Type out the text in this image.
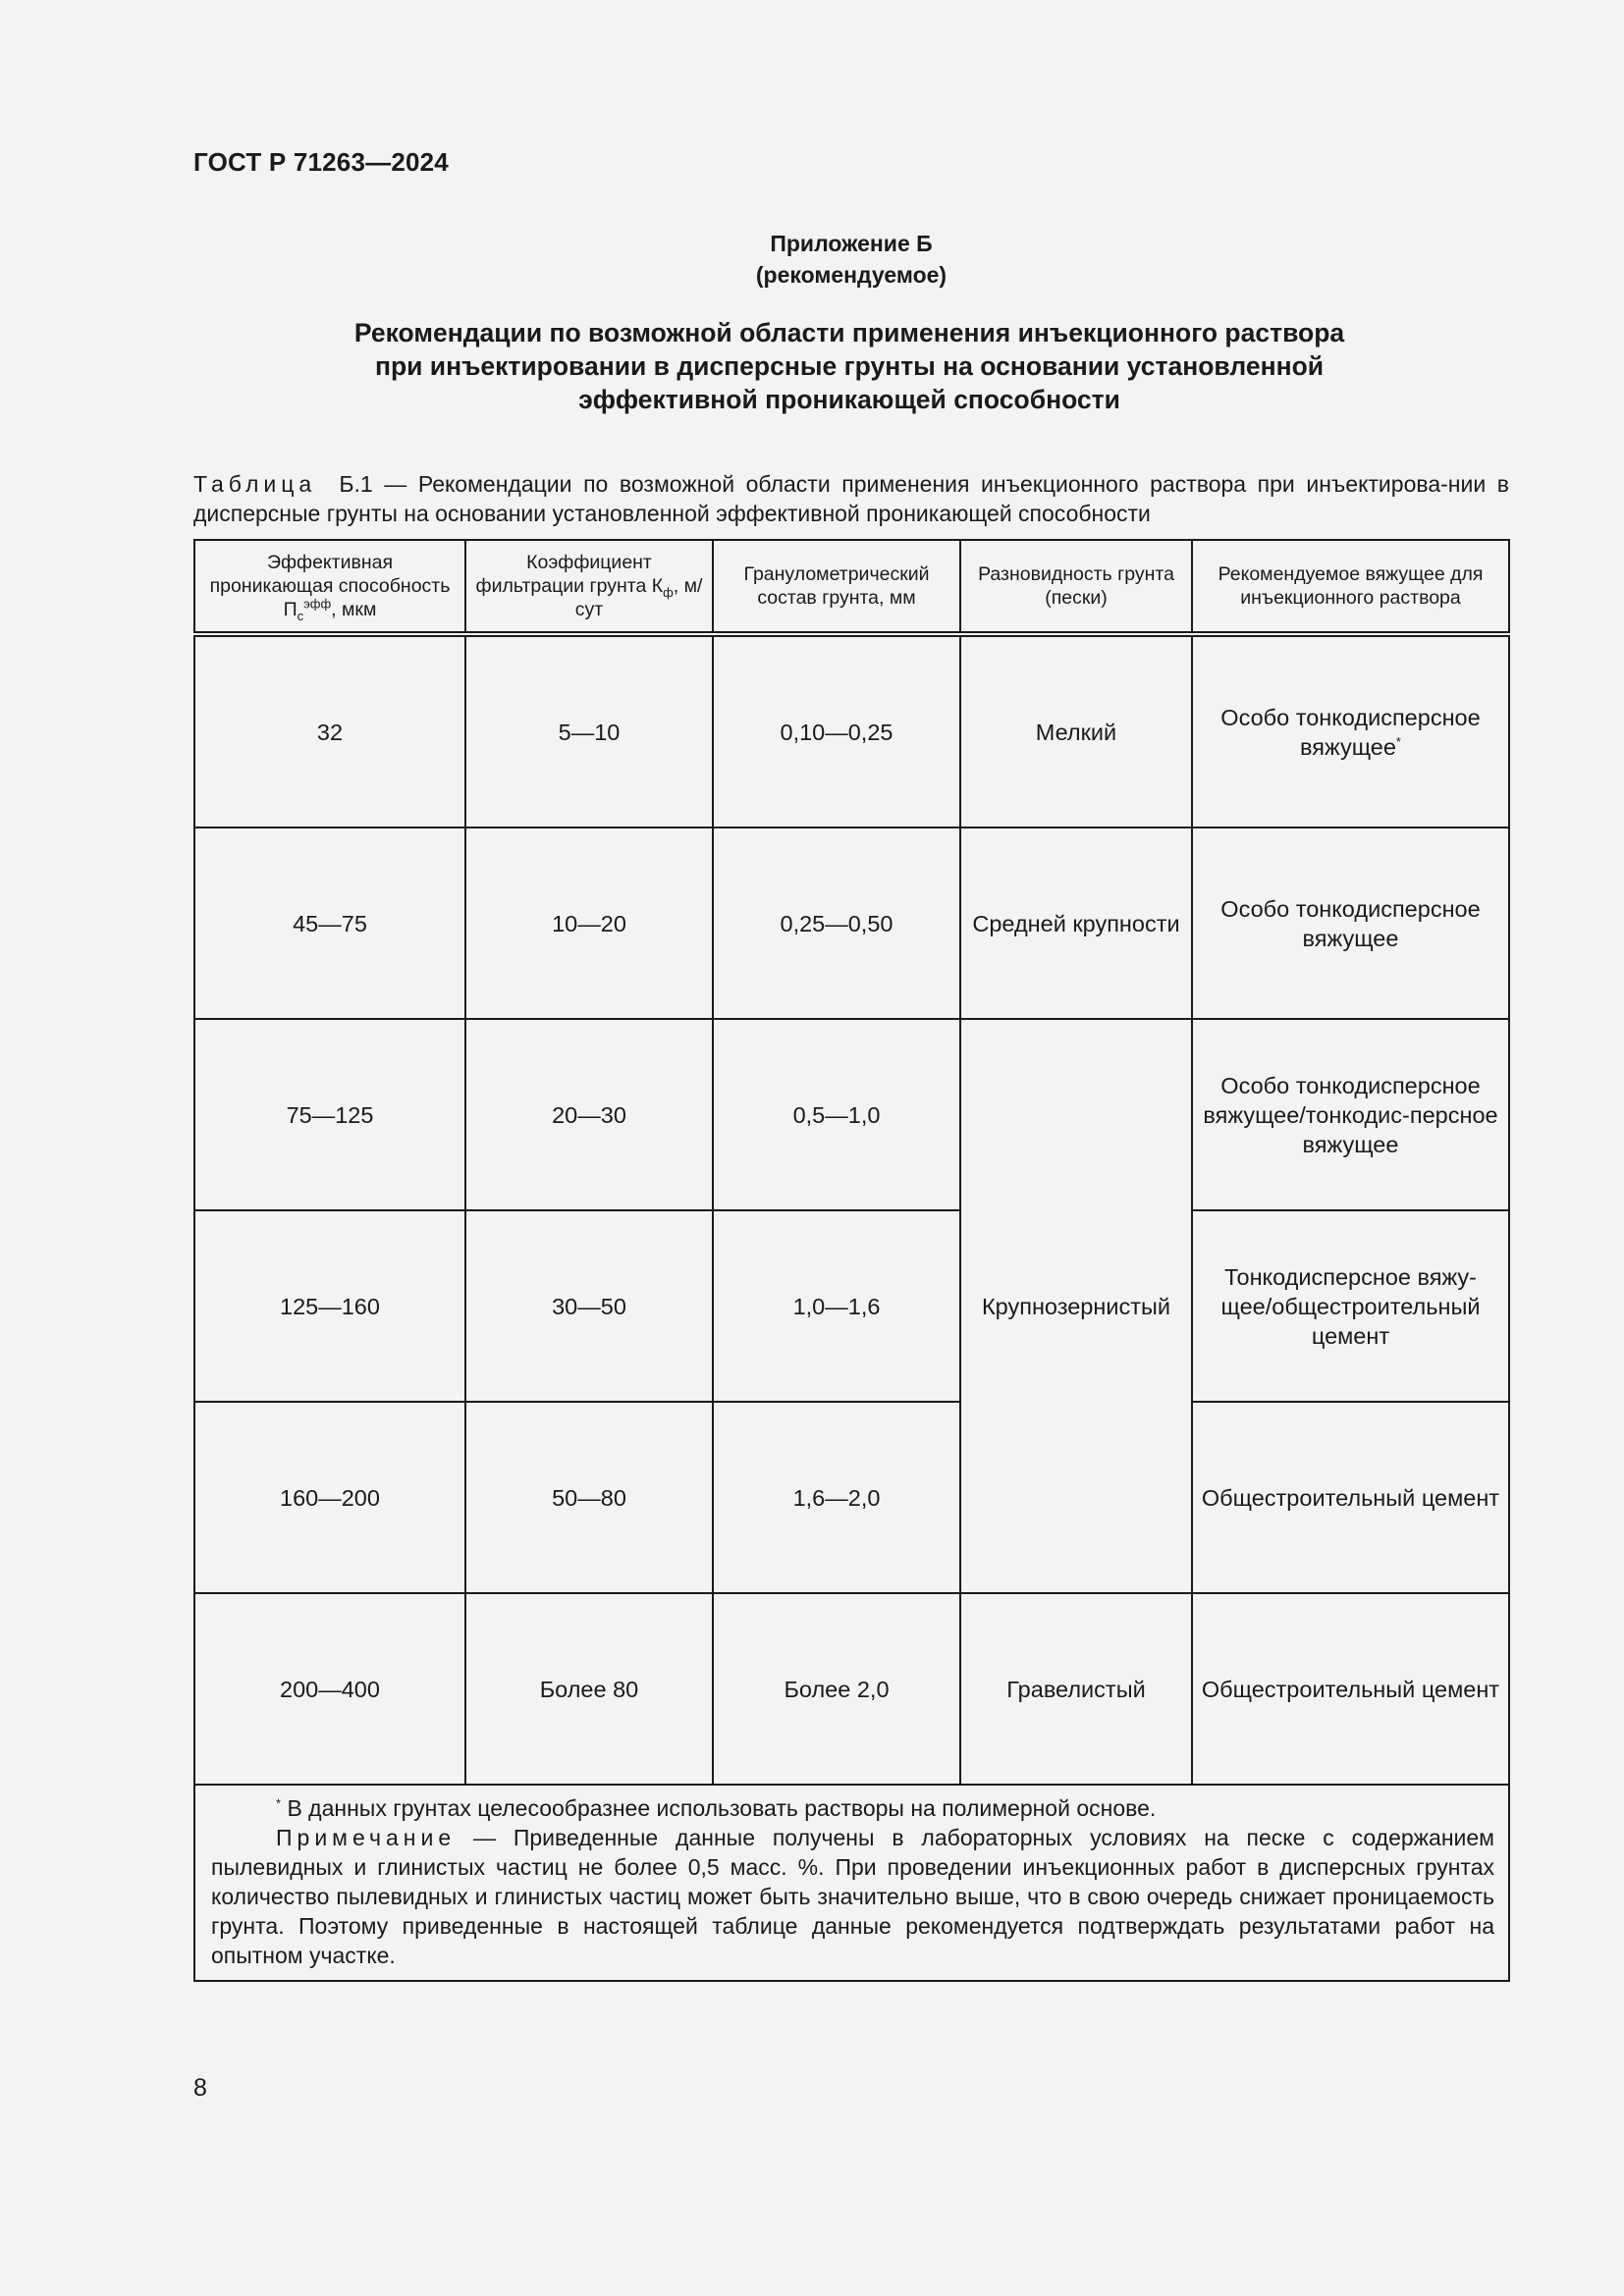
ГОСТ Р 71263—2024
Приложение Б
(рекомендуемое)
Рекомендации по возможной области применения инъекционного раствора
при инъектировании в дисперсные грунты на основании установленной
эффективной проникающей способности
Таблица Б.1 — Рекомендации по возможной области применения инъекционного раствора при инъектирова-нии в дисперсные грунты на основании установленной эффективной проникающей способности
Эффективная проникающая способность $П_с^{эфф}$, мкм	Коэффициент фильтрации грунта $К_ф$, м/сут	Гранулометрический состав грунта, мм	Разновидность грунта (пески)	Рекомендуемое вяжущее для инъекционного раствора
32	5—10	0,10—0,25	Мелкий	Особо тонкодисперсное вяжущее*
45—75	10—20	0,25—0,50	Средней крупности	Особо тонкодисперсное вяжущее
75—125	20—30	0,5—1,0	Крупнозернистый	Особо тонкодисперсное вяжущее/тонкодис-персное вяжущее
125—160	30—50	1,0—1,6		Тонкодисперсное вяжу-щее/общестроительный цемент
160—200	50—80	1,6—2,0		Общестроительный цемент
200—400	Более 80	Более 2,0	Гравелистый	Общестроительный цемент

* В данных грунтах целесообразнее использовать растворы на полимерной основе.

Примечание — Приведенные данные получены в лабораторных условиях на песке с содержанием пылевидных и глинистых частиц не более 0,5 масс. %. При проведении инъекционных работ в дисперсных грунтах количество пылевидных и глинистых частиц может быть значительно выше, что в свою очередь снижает проницаемость грунта. Поэтому приведенные в настоящей таблице данные рекомендуется подтверждать результатами работ на опытном участке.				

8
